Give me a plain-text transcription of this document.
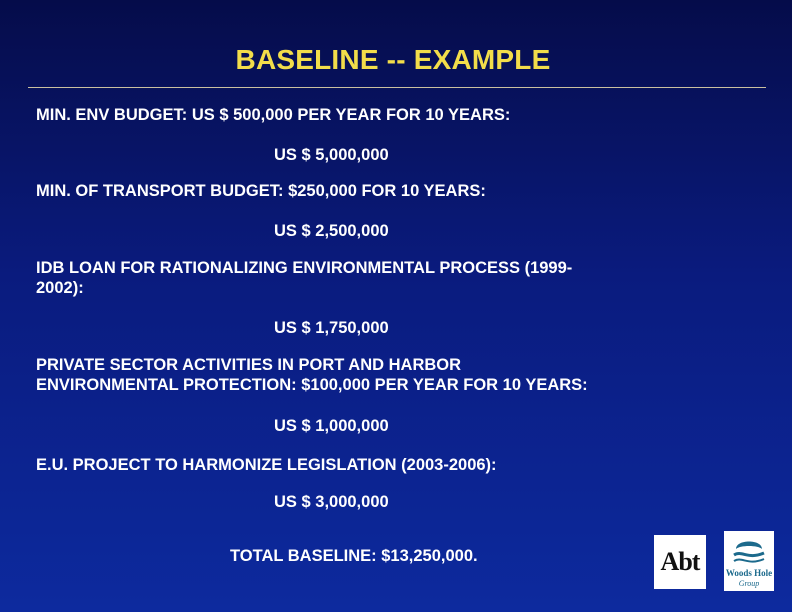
BASELINE -- EXAMPLE
MIN. ENV BUDGET: US $ 500,000 PER YEAR FOR 10 YEARS:
US $ 5,000,000
MIN. OF TRANSPORT BUDGET: $250,000 FOR 10 YEARS:
US $ 2,500,000
IDB LOAN FOR RATIONALIZING ENVIRONMENTAL PROCESS (1999-
2002):
US $ 1,750,000
PRIVATE SECTOR ACTIVITIES IN PORT AND HARBOR
ENVIRONMENTAL PROTECTION: $100,000 PER YEAR FOR 10 YEARS:
US $ 1,000,000
E.U. PROJECT TO HARMONIZE LEGISLATION (2003-2006):
US $ 3,000,000
TOTAL BASELINE: $13,250,000.	Abt	Woods Hole
Group
